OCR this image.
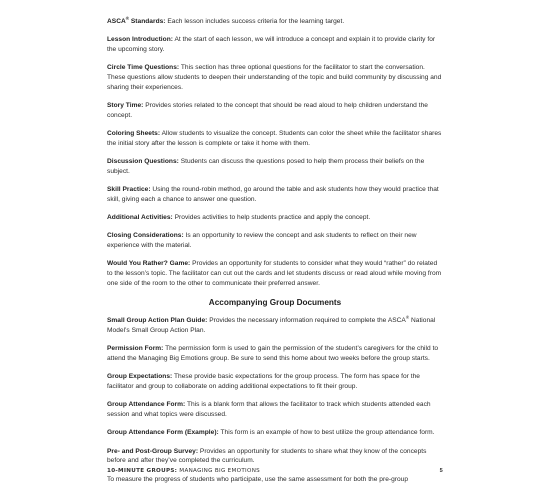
ASCA® Standards: Each lesson includes success criteria for the learning target.

Lesson Introduction: At the start of each lesson, we will introduce a concept and explain it to provide clarity for the upcoming story.

Circle Time Questions: This section has three optional questions for the facilitator to start the conversation. These questions allow students to deepen their understanding of the topic and build community by discussing and sharing their experiences.

Story Time: Provides stories related to the concept that should be read aloud to help children understand the concept.

Coloring Sheets: Allow students to visualize the concept. Students can color the sheet while the facilitator shares the initial story after the lesson is complete or take it home with them.

Discussion Questions: Students can discuss the questions posed to help them process their beliefs on the subject.

Skill Practice: Using the round-robin method, go around the table and ask students how they would practice that skill, giving each a chance to answer one question.

Additional Activities: Provides activities to help students practice and apply the concept.

Closing Considerations: Is an opportunity to review the concept and ask students to reflect on their new experience with the material.

Would You Rather? Game: Provides an opportunity for students to consider what they would “rather” do related to the lesson’s topic. The facilitator can cut out the cards and let students discuss or read aloud while moving from one side of the room to the other to communicate their preferred answer.

Accompanying Group Documents

Small Group Action Plan Guide: Provides the necessary information required to complete the ASCA® National Model’s Small Group Action Plan.

Permission Form: The permission form is used to gain the permission of the student’s caregivers for the child to attend the Managing Big Emotions group. Be sure to send this home about two weeks before the group starts.

Group Expectations: These provide basic expectations for the group process. The form has space for the facilitator and group to collaborate on adding additional expectations to fit their group.

Group Attendance Form: This is a blank form that allows the facilitator to track which students attended each session and what topics were discussed.

Group Attendance Form (Example): This form is an example of how to best utilize the group attendance form.

Pre- and Post-Group Survey: Provides an opportunity for students to share what they know of the concepts before and after they’ve completed the curriculum.

To measure the progress of students who participate, use the same assessment for both the pre-group

10-MINUTE GROUPS: MANAGING BIG EMOTIONS	5
